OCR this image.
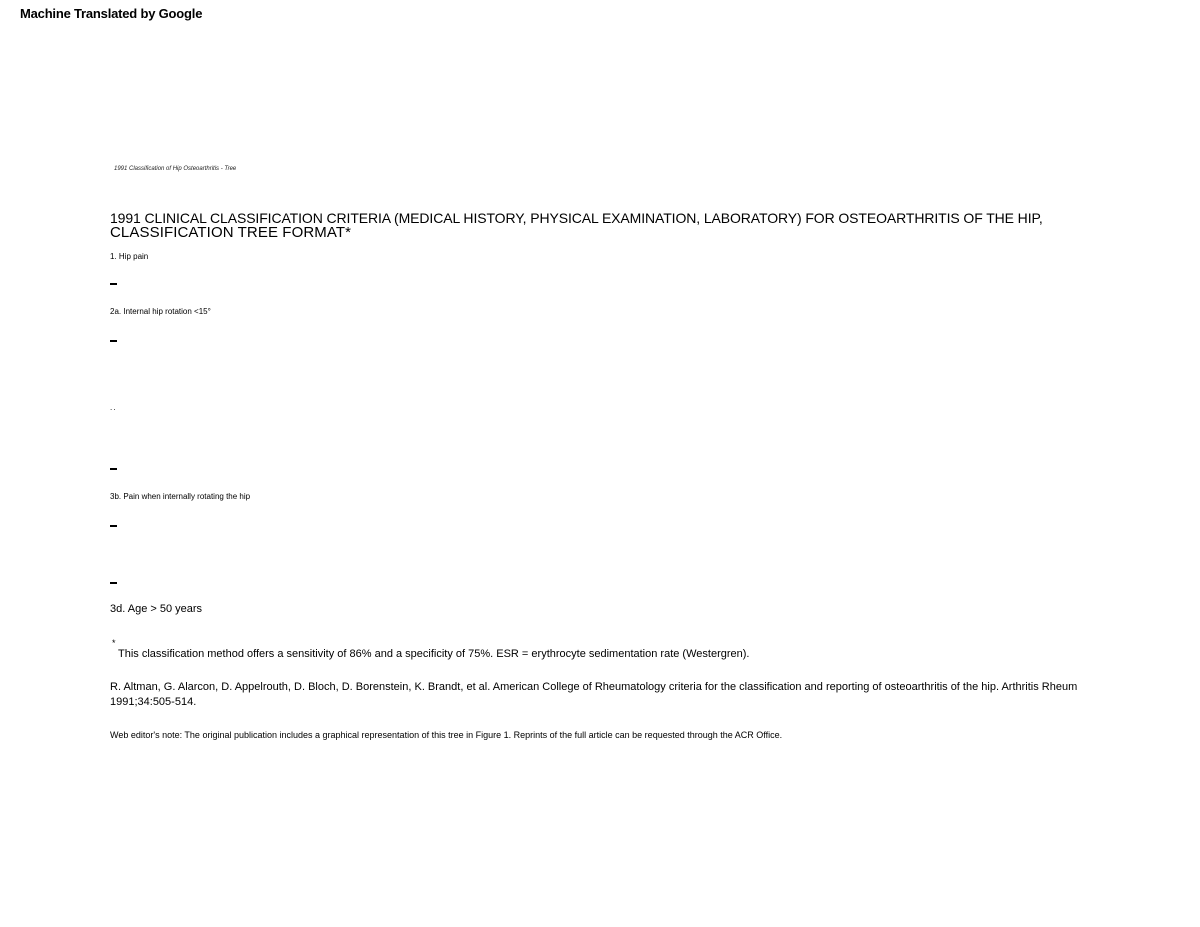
Machine Translated by Google
1991 Classification of Hip Osteoarthritis - Tree
1991 CLINICAL CLASSIFICATION CRITERIA (MEDICAL HISTORY, PHYSICAL EXAMINATION, LABORATORY) FOR OSTEOARTHRITIS OF THE HIP,
CLASSIFICATION TREE FORMAT*
1. Hip pain
2a. Internal hip rotation <15°
..
3b. Pain when internally rotating the hip
3d. Age > 50 years
*
This classification method offers a sensitivity of 86% and a specificity of 75%. ESR = erythrocyte sedimentation rate (Westergren).
R. Altman, G. Alarcon, D. Appelrouth, D. Bloch, D. Borenstein, K. Brandt, et al. American College of Rheumatology criteria for the classification and reporting of osteoarthritis of the hip. Arthritis Rheum 1991;34:505-514.
Web editor's note: The original publication includes a graphical representation of this tree in Figure 1. Reprints of the full article can be requested through the ACR Office.
